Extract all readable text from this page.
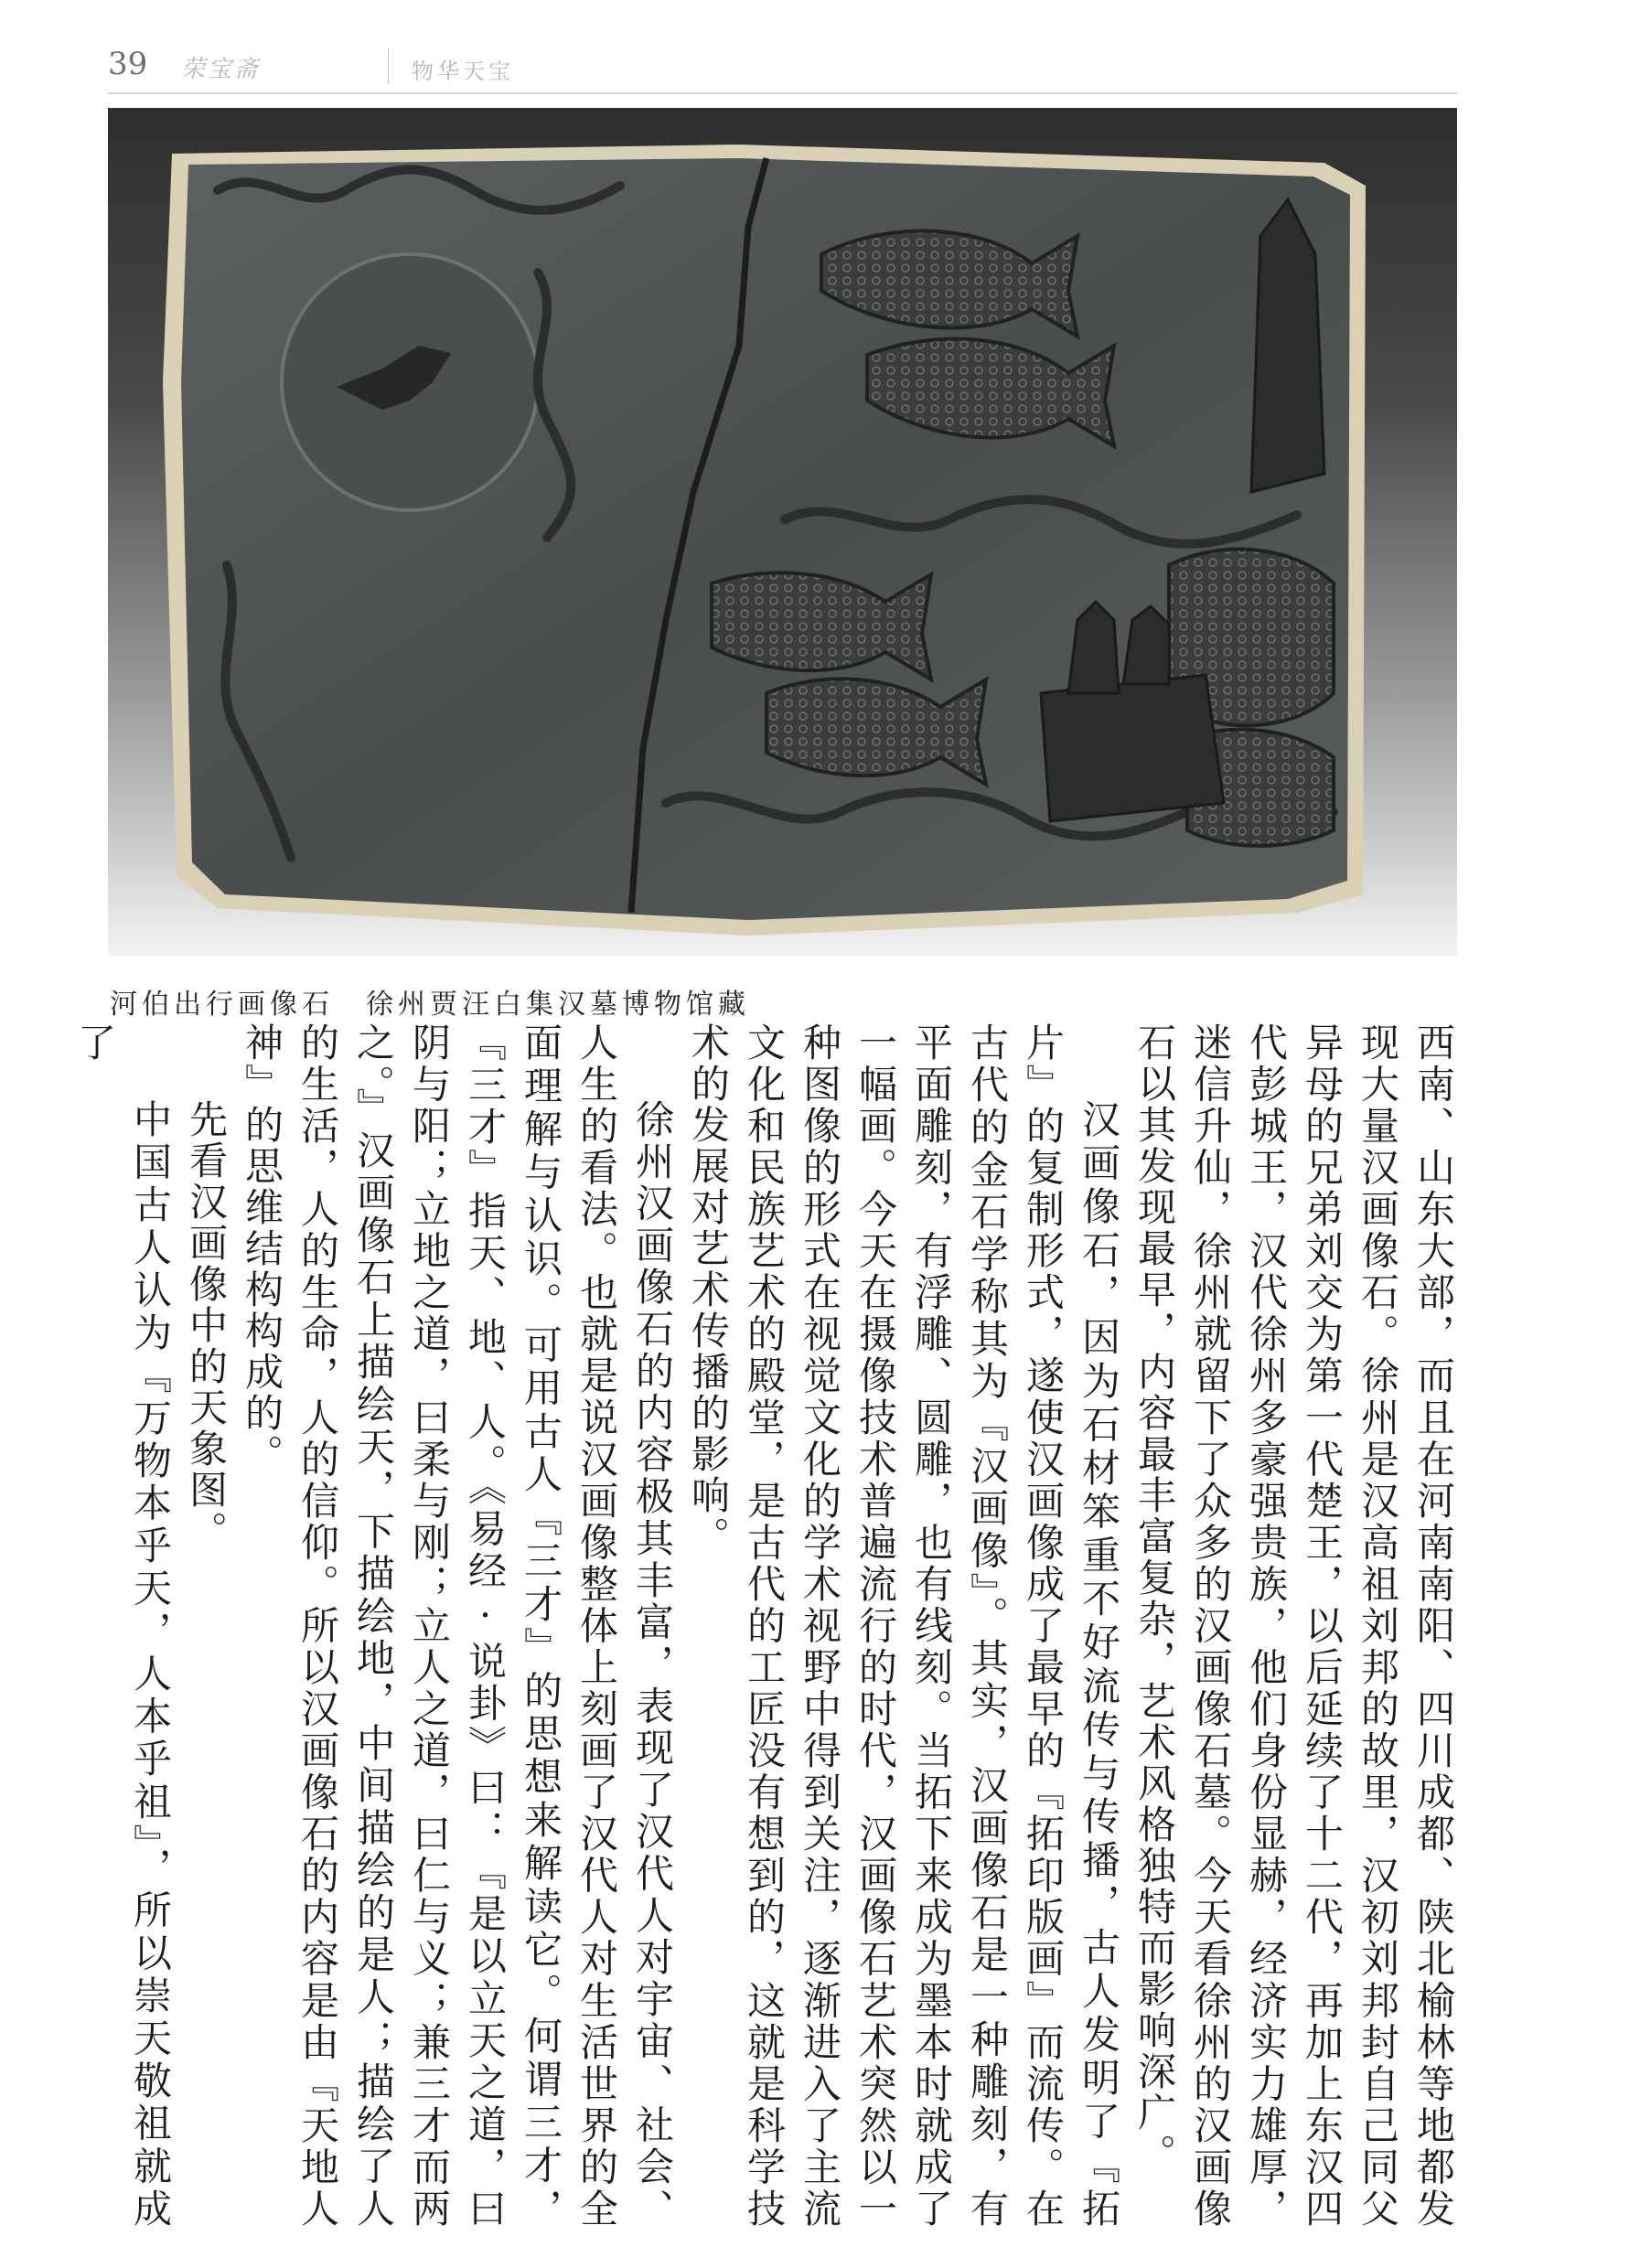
39 荣宝斋	物华天宝
河伯出行画像石　徐州贾汪白集汉墓博物馆藏

西南、山东大部，而且在河南南阳、四川成都、陕北榆林等地都发现大量汉画像石。徐州是汉高祖刘邦的故里，汉初刘邦封自己同父异母的兄弟刘交为第一代楚王，以后延续了十二代，再加上东汉四代彭城王，汉代徐州多豪强贵族，他们身份显赫，经济实力雄厚，迷信升仙，徐州就留下了众多的汉画像石墓。今天看徐州的汉画像石以其发现最早，内容最丰富复杂，艺术风格独特而影响深广。

汉画像石，因为石材笨重不好流传与传播，古人发明了『拓片』的复制形式，遂使汉画像成了最早的『拓印版画』而流传。在古代的金石学称其为『汉画像』。其实，汉画像石是一种雕刻，有平面雕刻，有浮雕、圆雕，也有线刻。当拓下来成为墨本时就成了一幅画。今天在摄像技术普遍流行的时代，汉画像石艺术突然以一种图像的形式在视觉文化的学术视野中得到关注，逐渐进入了主流文化和民族艺术的殿堂，是古代的工匠没有想到的，这就是科学技术的发展对艺术传播的影响。

徐州汉画像石的内容极其丰富，表现了汉代人对宇宙、社会、人生的看法。也就是说汉画像整体上刻画了汉代人对生活世界的全面理解与认识。可用古人『三才』的思想来解读它。何谓三才，『三才』指天、地、人。《易经·说卦》曰：『是以立天之道，曰阴与阳；立地之道，曰柔与刚；立人之道，曰仁与义；兼三才而两之。』汉画像石上描绘天，下描绘地，中间描绘的是人；描绘了人的生活，人的生命，人的信仰。所以汉画像石的内容是由『天地人神』的思维结构构成的。

先看汉画像中的天象图。

中国古人认为『万物本乎天，人本乎祖』，所以崇天敬祖就成了
